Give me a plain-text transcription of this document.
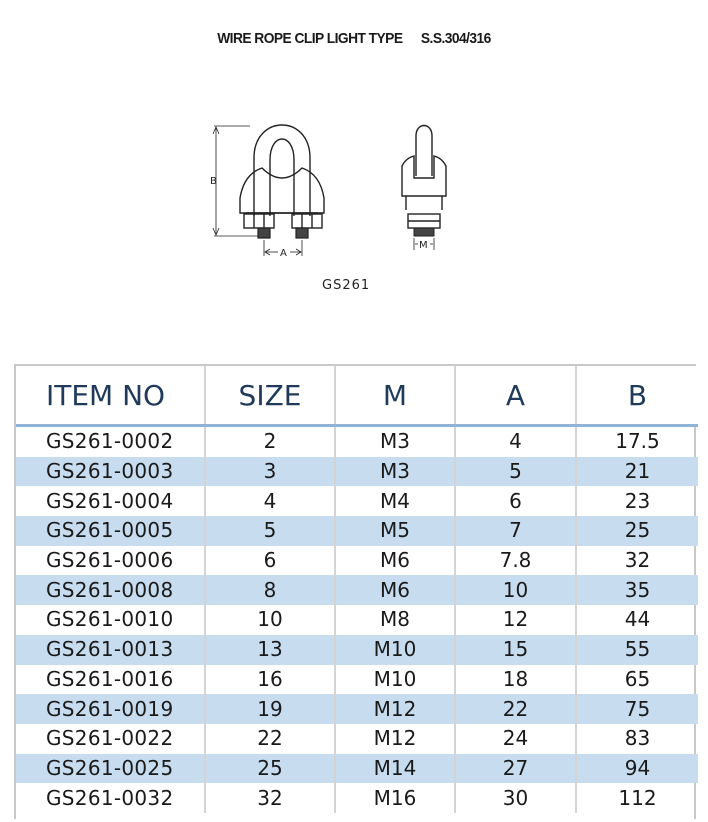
WIRE ROPE CLIP LIGHT TYPE S.S.304/316
B
A
M
GS261
ITEM NO	SIZE	M	A	B
GS261-0002	2	M3	4	17.5
GS261-0003	3	M3	5	21
GS261-0004	4	M4	6	23
GS261-0005	5	M5	7	25
GS261-0006	6	M6	7.8	32
GS261-0008	8	M6	10	35
GS261-0010	10	M8	12	44
GS261-0013	13	M10	15	55
GS261-0016	16	M10	18	65
GS261-0019	19	M12	22	75
GS261-0022	22	M12	24	83
GS261-0025	25	M14	27	94
GS261-0032	32	M16	30	112
